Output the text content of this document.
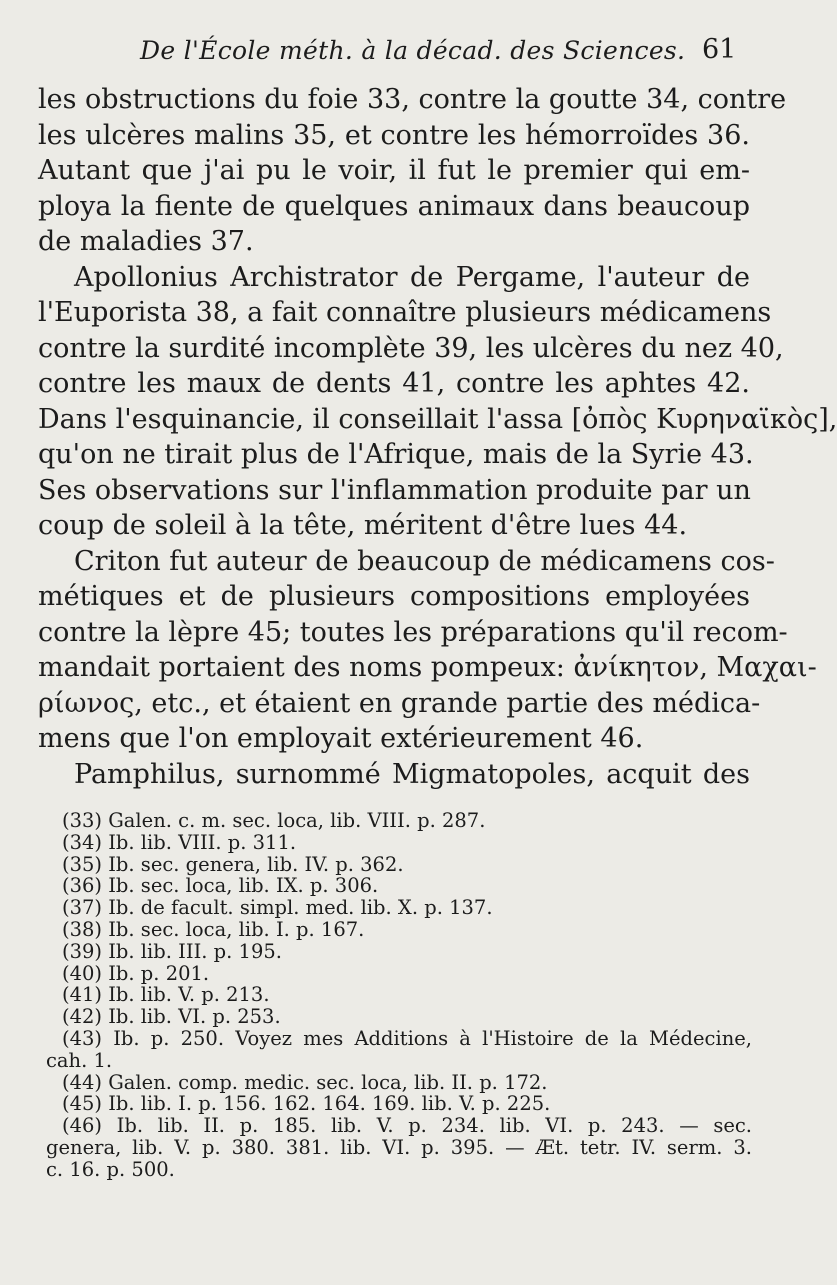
De l'École méth. à la décad. des Sciences. 61
les obstructions du foie 33, contre la goutte 34, contre
les ulcères malins 35, et contre les hémorroïdes 36.
Autant que j'ai pu le voir, il fut le premier qui em-
ploya la fiente de quelques animaux dans beaucoup
de maladies 37.
Apollonius Archistrator de Pergame, l'auteur de
l'Euporista 38, a fait connaître plusieurs médicamens
contre la surdité incomplète 39, les ulcères du nez 40,
contre les maux de dents 41, contre les aphtes 42.
Dans l'esquinancie, il conseillait l'assa [ὀπὸς Κυρηναϊκὸς],
qu'on ne tirait plus de l'Afrique, mais de la Syrie 43.
Ses observations sur l'inflammation produite par un
coup de soleil à la tête, méritent d'être lues 44.
Criton fut auteur de beaucoup de médicamens cos-
métiques et de plusieurs compositions employées
contre la lèpre 45; toutes les préparations qu'il recom-
mandait portaient des noms pompeux: ἀνίκητον, Μαχαι-
ρίωνος, etc., et étaient en grande partie des médica-
mens que l'on employait extérieurement 46.
Pamphilus, surnommé Migmatopoles, acquit des
(33) Galen. c. m. sec. loca, lib. VIII. p. 287.
(34) Ib. lib. VIII. p. 311.
(35) Ib. sec. genera, lib. IV. p. 362.
(36) Ib. sec. loca, lib. IX. p. 306.
(37) Ib. de facult. simpl. med. lib. X. p. 137.
(38) Ib. sec. loca, lib. I. p. 167.
(39) Ib. lib. III. p. 195.
(40) Ib. p. 201.
(41) Ib. lib. V. p. 213.
(42) Ib. lib. VI. p. 253.
(43) Ib. p. 250. Voyez mes Additions à l'Histoire de la Médecine,
cah. 1.
(44) Galen. comp. medic. sec. loca, lib. II. p. 172.
(45) Ib. lib. I. p. 156. 162. 164. 169. lib. V. p. 225.
(46) Ib. lib. II. p. 185. lib. V. p. 234. lib. VI. p. 243. — sec.
genera, lib. V. p. 380. 381. lib. VI. p. 395. — Æt. tetr. IV. serm. 3.
c. 16. p. 500.
